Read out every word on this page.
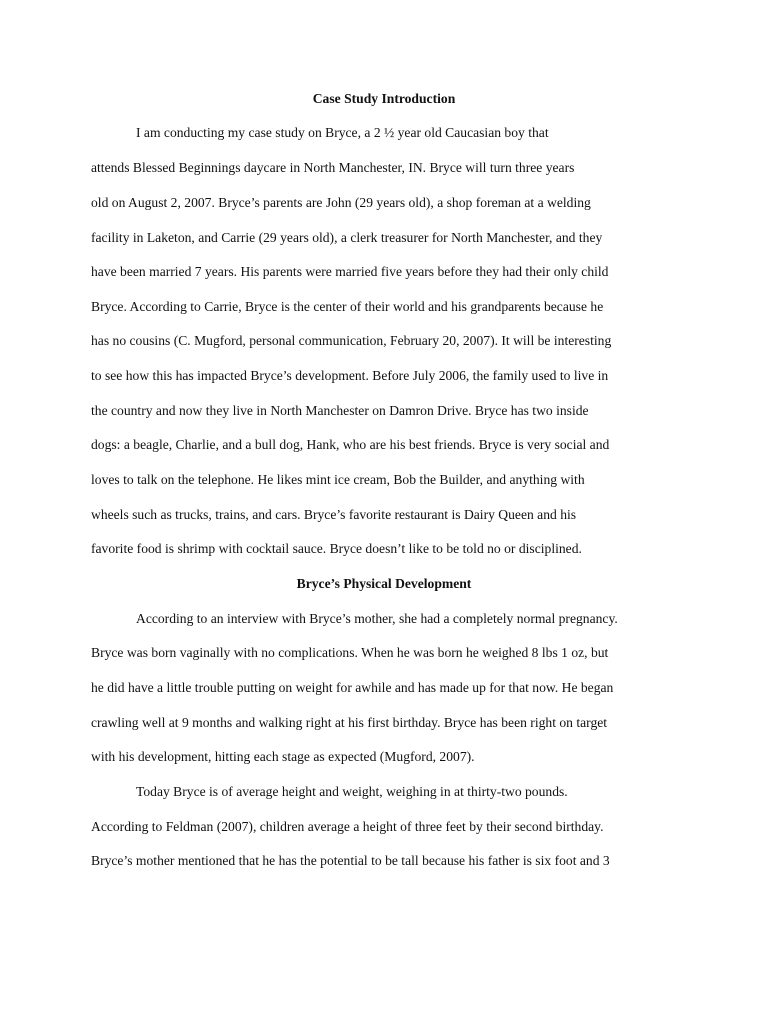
Case Study Introduction
I am conducting my case study on Bryce, a 2 ½ year old Caucasian boy that
attends Blessed Beginnings daycare in North Manchester, IN. Bryce will turn three years
old on August 2, 2007. Bryce’s parents are John (29 years old), a shop foreman at a welding
facility in Laketon, and Carrie (29 years old), a clerk treasurer for North Manchester, and they
have been married 7 years. His parents were married five years before they had their only child
Bryce. According to Carrie, Bryce is the center of their world and his grandparents because he
has no cousins (C. Mugford, personal communication, February 20, 2007). It will be interesting
to see how this has impacted Bryce’s development. Before July 2006, the family used to live in
the country and now they live in North Manchester on Damron Drive. Bryce has two inside
dogs: a beagle, Charlie, and a bull dog, Hank, who are his best friends. Bryce is very social and
loves to talk on the telephone. He likes mint ice cream, Bob the Builder, and anything with
wheels such as trucks, trains, and cars. Bryce’s favorite restaurant is Dairy Queen and his
favorite food is shrimp with cocktail sauce. Bryce doesn’t like to be told no or disciplined.
Bryce’s Physical Development
According to an interview with Bryce’s mother, she had a completely normal pregnancy.
Bryce was born vaginally with no complications. When he was born he weighed 8 lbs 1 oz, but
he did have a little trouble putting on weight for awhile and has made up for that now. He began
crawling well at 9 months and walking right at his first birthday. Bryce has been right on target
with his development, hitting each stage as expected (Mugford, 2007).
Today Bryce is of average height and weight, weighing in at thirty-two pounds.
According to Feldman (2007), children average a height of three feet by their second birthday.
Bryce’s mother mentioned that he has the potential to be tall because his father is six foot and 3
